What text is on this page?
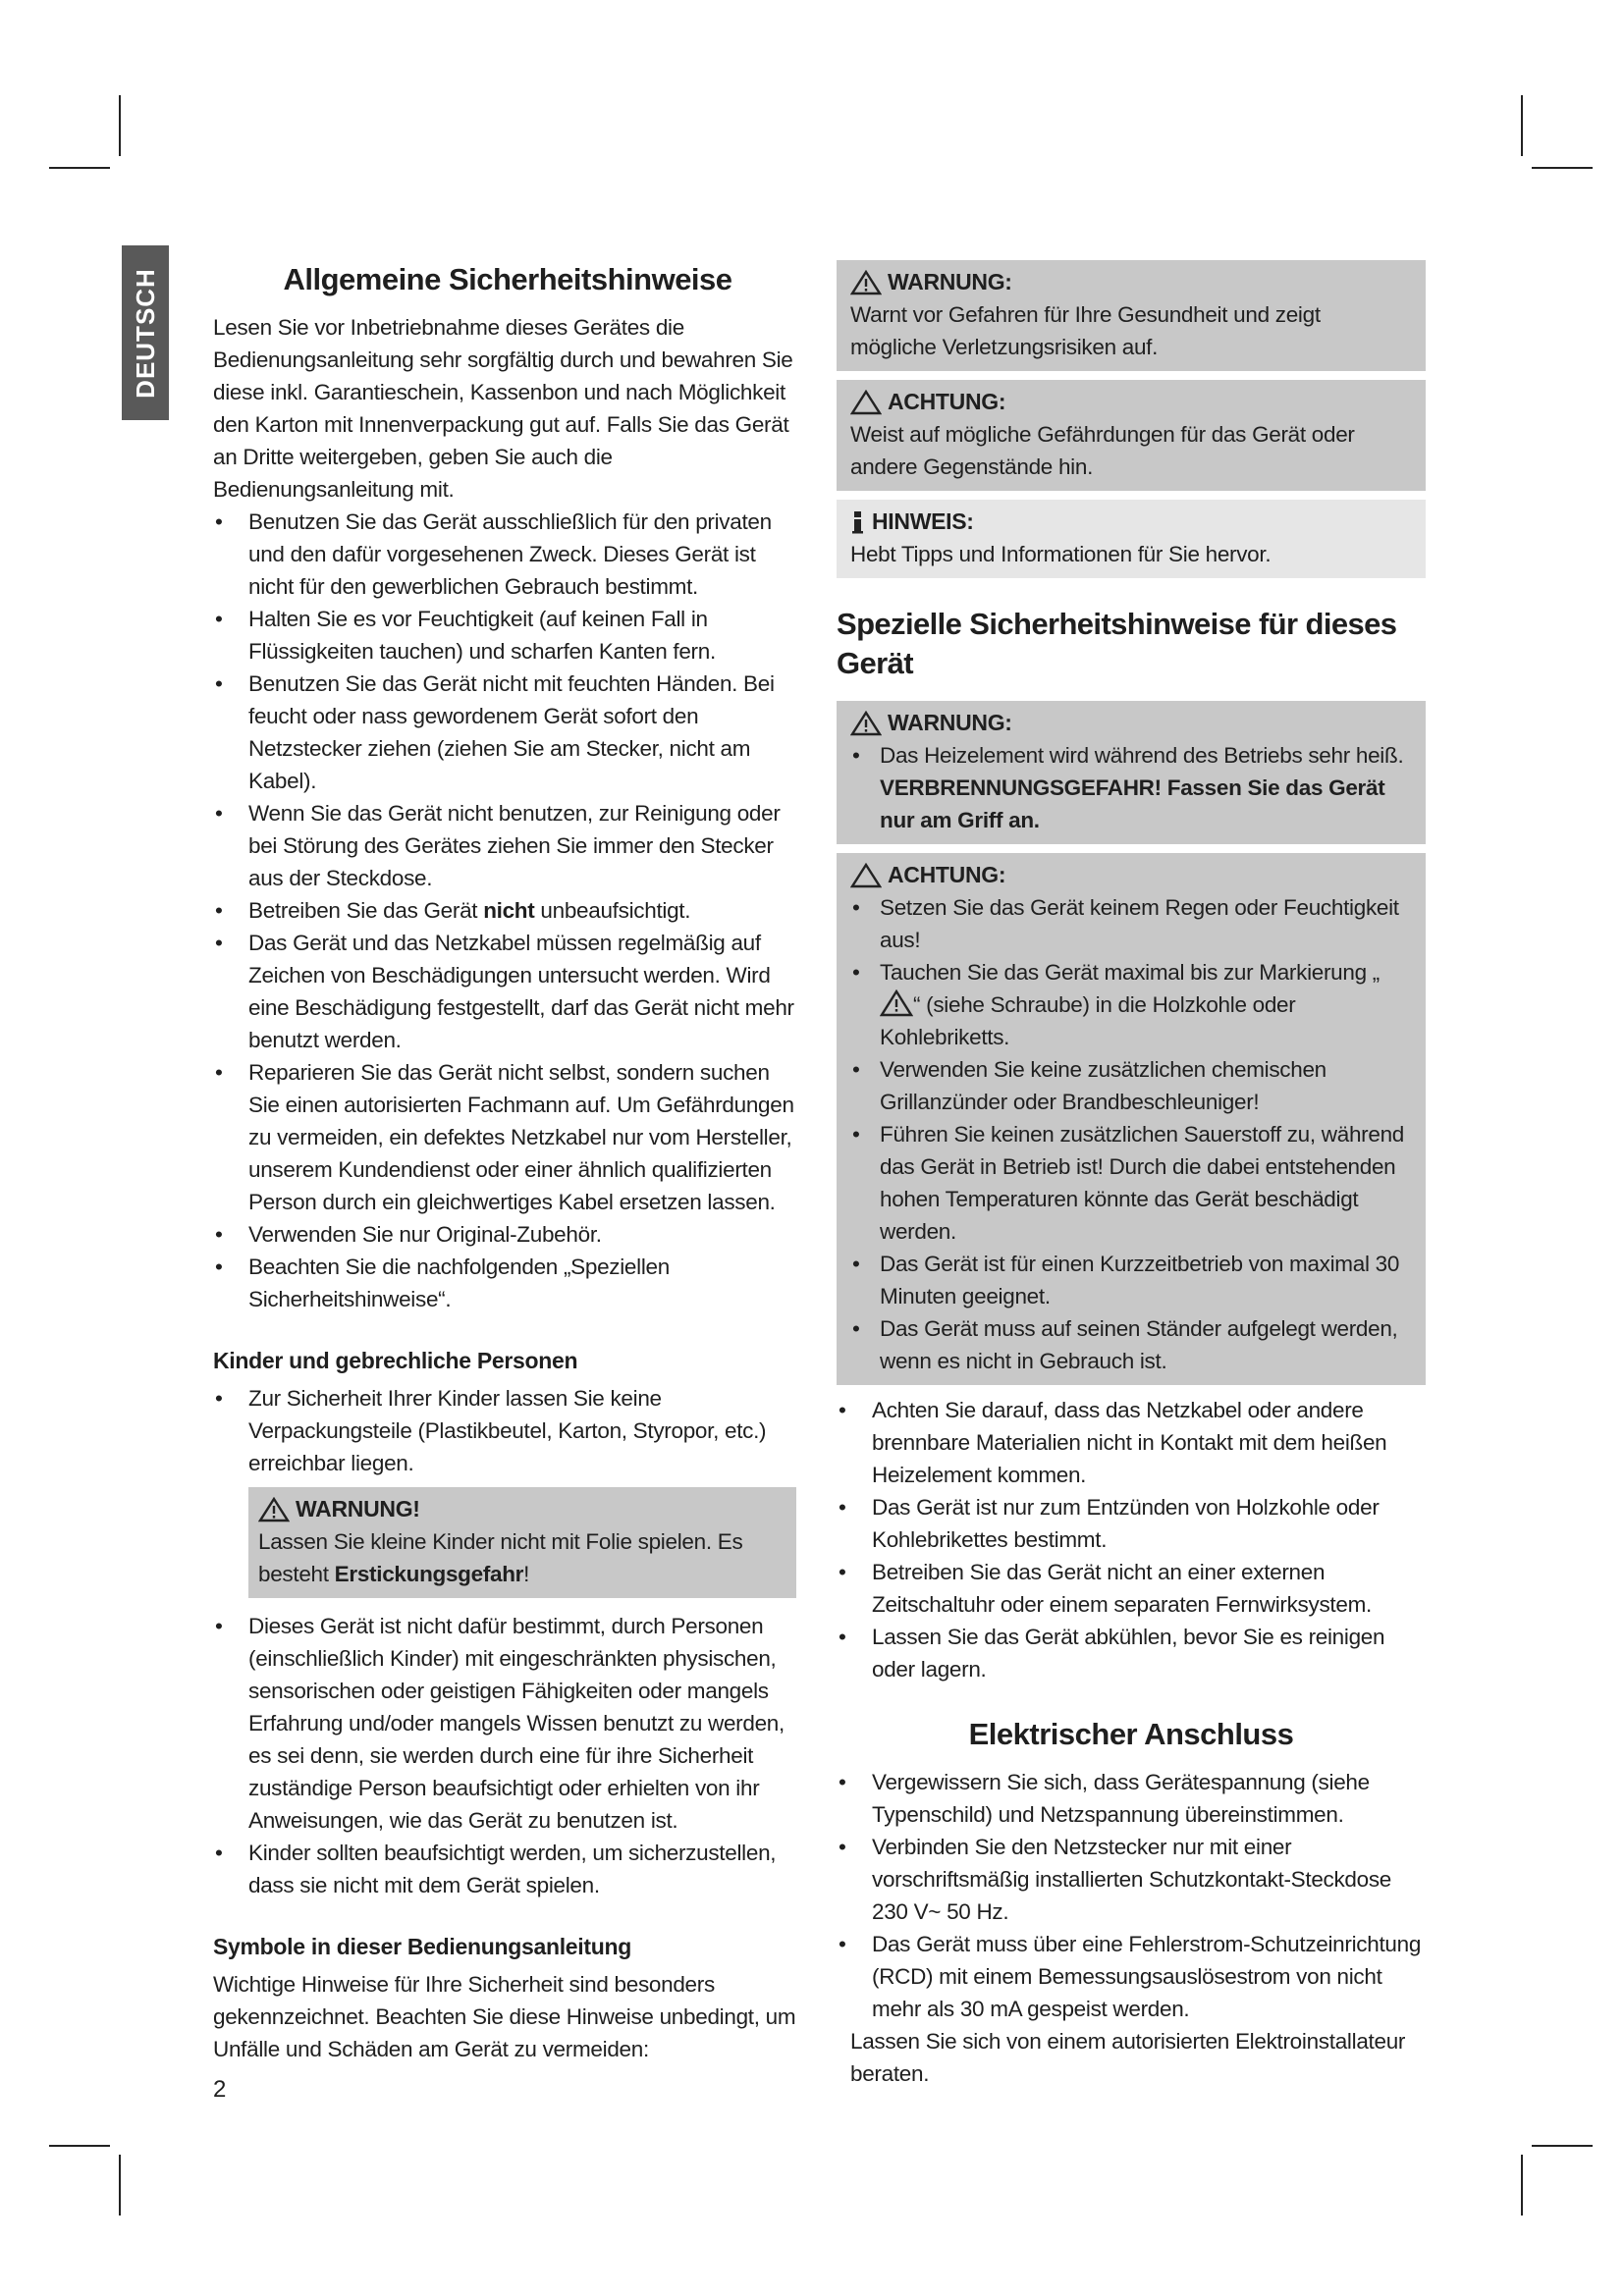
DEUTSCH	Allgemeine Sicherheitshinweise

Lesen Sie vor Inbetriebnahme dieses Gerätes die Bedienungsanleitung sehr sorgfältig durch und bewahren Sie diese inkl. Garantieschein, Kassenbon und nach Möglichkeit den Karton mit Innenverpackung gut auf. Falls Sie das Gerät an Dritte weitergeben, geben Sie auch die Bedienungsanleitung mit.

• Benutzen Sie das Gerät ausschließlich für den privaten und den dafür vorgesehenen Zweck. Dieses Gerät ist nicht für den gewerblichen Gebrauch bestimmt.
• Halten Sie es vor Feuchtigkeit (auf keinen Fall in Flüssigkeiten tauchen) und scharfen Kanten fern.
• Benutzen Sie das Gerät nicht mit feuchten Händen. Bei feucht oder nass gewordenem Gerät sofort den Netzstecker ziehen (ziehen Sie am Stecker, nicht am Kabel).
• Wenn Sie das Gerät nicht benutzen, zur Reinigung oder bei Störung des Gerätes ziehen Sie immer den Stecker aus der Steckdose.
• Betreiben Sie das Gerät nicht unbeaufsichtigt.
• Das Gerät und das Netzkabel müssen regelmäßig auf Zeichen von Beschädigungen untersucht werden. Wird eine Beschädigung festgestellt, darf das Gerät nicht mehr benutzt werden.
• Reparieren Sie das Gerät nicht selbst, sondern suchen Sie einen autorisierten Fachmann auf. Um Gefährdungen zu vermeiden, ein defektes Netzkabel nur vom Hersteller, unserem Kundendienst oder einer ähnlich qualifizierten Person durch ein gleichwertiges Kabel ersetzen lassen.
• Verwenden Sie nur Original-Zubehör.
• Beachten Sie die nachfolgenden „Speziellen Sicherheitshinweise“.
Kinder und gebrechliche Personen
• Zur Sicherheit Ihrer Kinder lassen Sie keine Verpackungsteile (Plastikbeutel, Karton, Styropor, etc.) erreichbar liegen.
WARNUNG!

Lassen Sie kleine Kinder nicht mit Folie spielen. Es besteht Erstickungsgefahr!

• Dieses Gerät ist nicht dafür bestimmt, durch Personen (einschließlich Kinder) mit eingeschränkten physischen, sensorischen oder geistigen Fähigkeiten oder mangels Erfahrung und/oder mangels Wissen benutzt zu werden, es sei denn, sie werden durch eine für ihre Sicherheit zuständige Person beaufsichtigt oder erhielten von ihr Anweisungen, wie das Gerät zu benutzen ist.
• Kinder sollten beaufsichtigt werden, um sicherzustellen, dass sie nicht mit dem Gerät spielen.
Symbole in dieser Bedienungsanleitung

Wichtige Hinweise für Ihre Sicherheit sind besonders gekennzeichnet. Beachten Sie diese Hinweise unbedingt, um Unfälle und Schäden am Gerät zu vermeiden:

WARNUNG:

Warnt vor Gefahren für Ihre Gesundheit und zeigt mögliche Verletzungsrisiken auf.

ACHTUNG:

Weist auf mögliche Gefährdungen für das Gerät oder andere Gegenstände hin.

HINWEIS:

Hebt Tipps und Informationen für Sie hervor.

Spezielle Sicherheitshinweise für dieses Gerät
WARNUNG:
• Das Heizelement wird während des Betriebs sehr heiß.
VERBRENNUNGSGEFAHR! Fassen Sie das Gerät nur am Griff an.
ACHTUNG:
• Setzen Sie das Gerät keinem Regen oder Feuchtigkeit aus!
• Tauchen Sie das Gerät maximal bis zur Markierung „“ (siehe Schraube) in die Holzkohle oder Kohlebriketts.
• Verwenden Sie keine zusätzlichen chemischen Grillanzünder oder Brandbeschleuniger!
• Führen Sie keinen zusätzlichen Sauerstoff zu, während das Gerät in Betrieb ist! Durch die dabei entstehenden hohen Temperaturen könnte das Gerät beschädigt werden.
• Das Gerät ist für einen Kurzzeitbetrieb von maximal 30 Minuten geeignet.
• Das Gerät muss auf seinen Ständer aufgelegt werden, wenn es nicht in Gebrauch ist.
• Achten Sie darauf, dass das Netzkabel oder andere brennbare Materialien nicht in Kontakt mit dem heißen Heizelement kommen.
• Das Gerät ist nur zum Entzünden von Holzkohle oder Kohlebrikettes bestimmt.
• Betreiben Sie das Gerät nicht an einer externen Zeitschaltuhr oder einem separaten Fernwirksystem.
• Lassen Sie das Gerät abkühlen, bevor Sie es reinigen oder lagern.
Elektrischer Anschluss
• Vergewissern Sie sich, dass Gerätespannung (siehe Typenschild) und Netzspannung übereinstimmen.
• Verbinden Sie den Netzstecker nur mit einer vorschriftsmäßig installierten Schutzkontakt-Steckdose 230 V~ 50 Hz.
• Das Gerät muss über eine Fehlerstrom-Schutzeinrichtung (RCD) mit einem Bemessungsauslösestrom von nicht mehr als 30 mA gespeist werden.

Lassen Sie sich von einem autorisierten Elektroinstallateur beraten.

2
